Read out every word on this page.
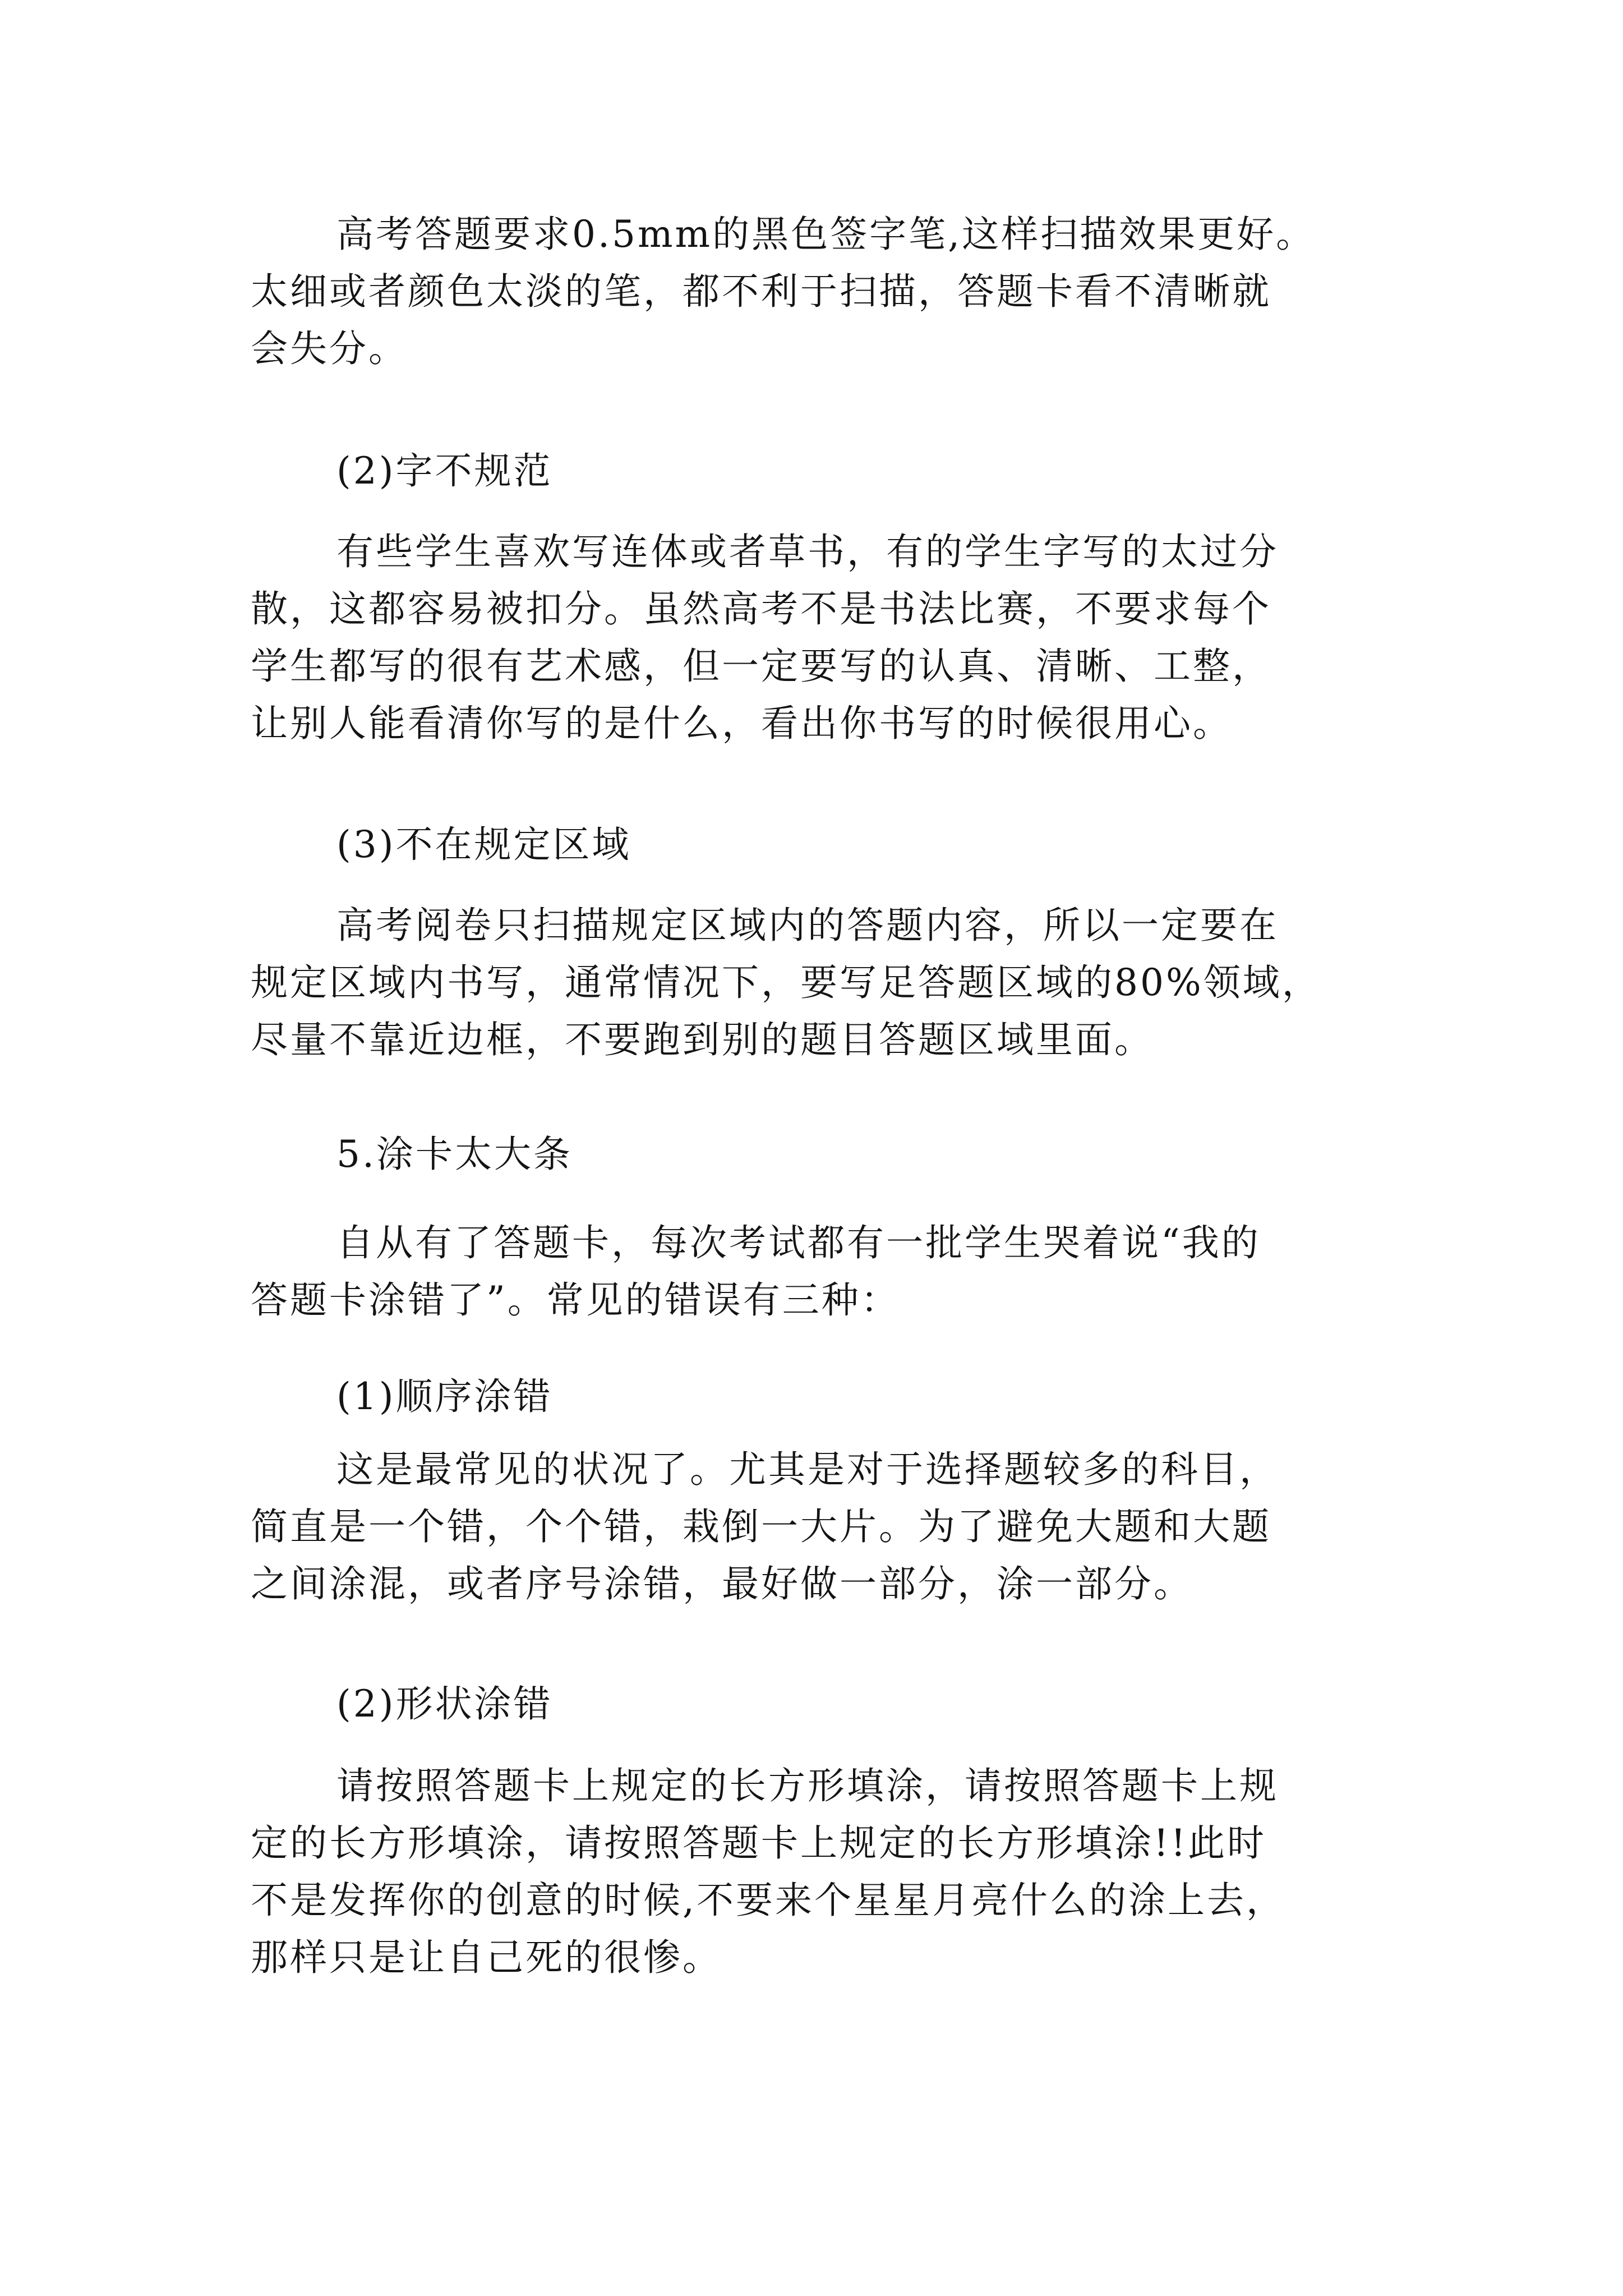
高考答题要求0.5mm的黑色签字笔,这样扫描效果更好。

太细或者颜色太淡的笔，都不利于扫描，答题卡看不清晰就

会失分。

(2)字不规范

有些学生喜欢写连体或者草书，有的学生字写的太过分

散，这都容易被扣分。虽然高考不是书法比赛，不要求每个

学生都写的很有艺术感，但一定要写的认真、清晰、工整，

让别人能看清你写的是什么，看出你书写的时候很用心。

(3)不在规定区域

高考阅卷只扫描规定区域内的答题内容，所以一定要在

规定区域内书写，通常情况下，要写足答题区域的80%领域，

尽量不靠近边框，不要跑到别的题目答题区域里面。

5.涂卡太大条

自从有了答题卡，每次考试都有一批学生哭着说“我的

答题卡涂错了”。常见的错误有三种：

(1)顺序涂错

这是最常见的状况了。尤其是对于选择题较多的科目，

简直是一个错，个个错，栽倒一大片。为了避免大题和大题

之间涂混，或者序号涂错，最好做一部分，涂一部分。

(2)形状涂错

请按照答题卡上规定的长方形填涂，请按照答题卡上规

定的长方形填涂，请按照答题卡上规定的长方形填涂!!此时

不是发挥你的创意的时候,不要来个星星月亮什么的涂上去，

那样只是让自己死的很惨。
